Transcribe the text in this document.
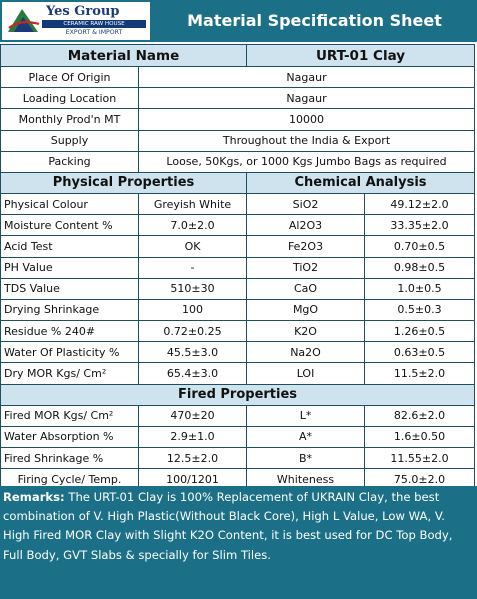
Yes Group
CERAMIC RAW HOUSE
EXPORT & IMPORT
Material Specification Sheet
Material Name		URT-01 Clay	
Place Of Origin	Nagaur		
Loading Location	Nagaur		
Monthly Prod'n MT	10000		
Supply	Throughout the India & Export		
Packing	Loose, 50Kgs, or 1000 Kgs Jumbo Bags as required		
Physical Properties		Chemical Analysis	
Physical Colour	Greyish White	SiO2	49.12±2.0
Moisture Content %	7.0±2.0	Al2O3	33.35±2.0
Acid Test	OK	Fe2O3	0.70±0.5
PH Value	-	TiO2	0.98±0.5
TDS Value	510±30	CaO	1.0±0.5
Drying Shrinkage	100	MgO	0.5±0.3
Residue % 240#	0.72±0.25	K2O	1.26±0.5
Water Of Plasticity %	45.5±3.0	Na2O	0.63±0.5
Dry MOR Kgs/ Cm²	65.4±3.0	LOI	11.5±2.0
Fired Properties			
Fired MOR Kgs/ Cm²	470±20	L*	82.6±2.0
Water Absorption %	2.9±1.0	A*	1.6±0.50
Fired Shrinkage %	12.5±2.0	B*	11.55±2.0
Firing Cycle/ Temp.	100/1201	Whiteness	75.0±2.0
Remarks: The URT-01 Clay is 100% Replacement of UKRAIN Clay, the best combination of V. High Plastic(Without Black Core), High L Value, Low WA, V. High Fired MOR Clay with Slight K2O Content, it is best used for DC Top Body, Full Body, GVT Slabs & specially for Slim Tiles.
